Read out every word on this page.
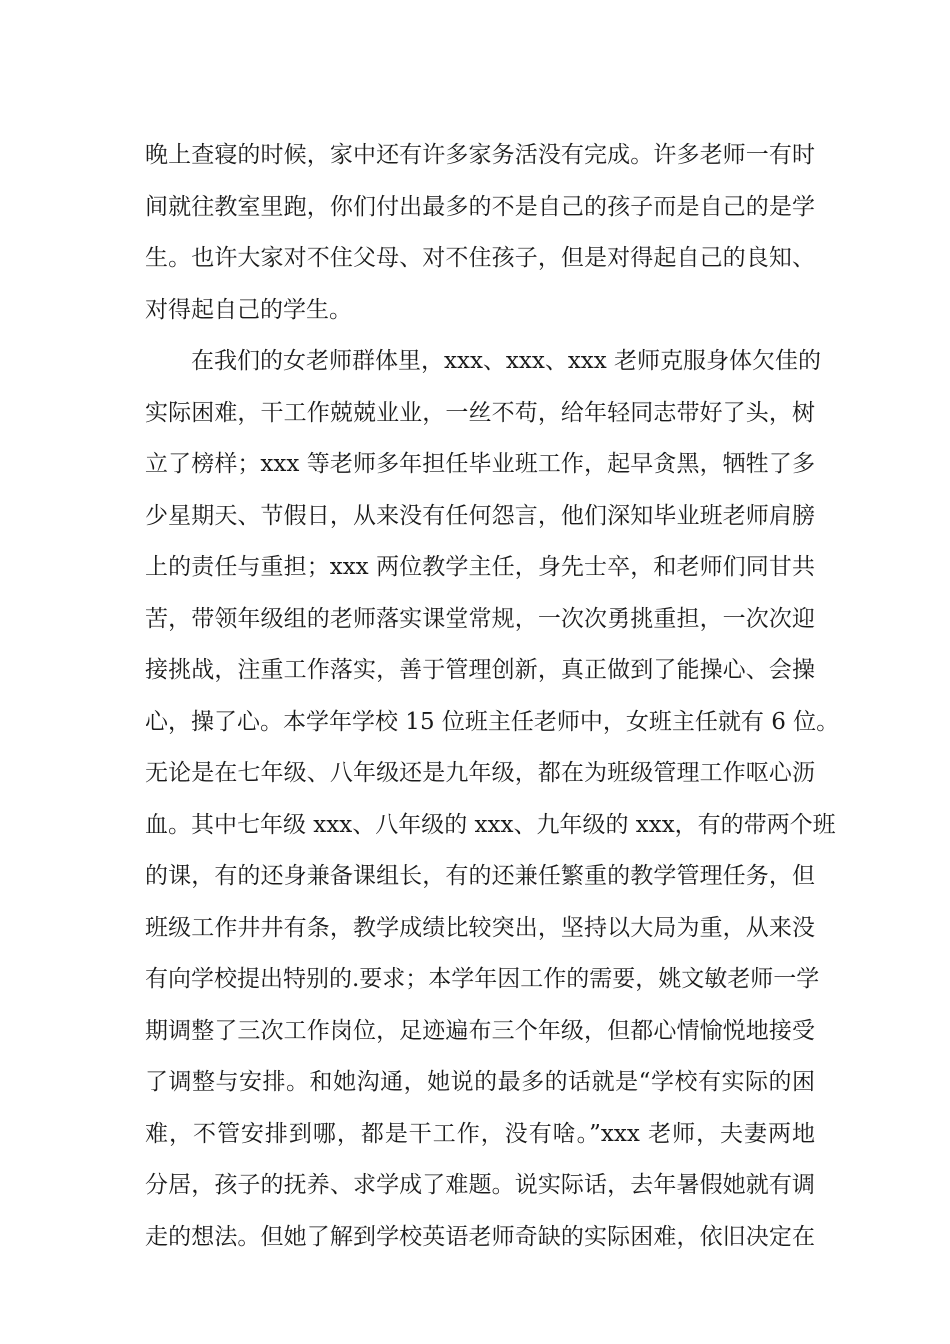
晚上查寝的时候，家中还有许多家务活没有完成。许多老师一有时
间就往教室里跑，你们付出最多的不是自己的孩子而是自己的是学
生。也许大家对不住父母、对不住孩子，但是对得起自己的良知、
对得起自己的学生。
　　在我们的女老师群体里，xxx、xxx、xxx 老师克服身体欠佳的
实际困难，干工作兢兢业业，一丝不苟，给年轻同志带好了头，树
立了榜样；xxx 等老师多年担任毕业班工作，起早贪黑，牺牲了多
少星期天、节假日，从来没有任何怨言，他们深知毕业班老师肩膀
上的责任与重担；xxx 两位教学主任，身先士卒，和老师们同甘共
苦，带领年级组的老师落实课堂常规，一次次勇挑重担，一次次迎
接挑战，注重工作落实，善于管理创新，真正做到了能操心、会操
心，操了心。本学年学校 15 位班主任老师中，女班主任就有 6 位。
无论是在七年级、八年级还是九年级，都在为班级管理工作呕心沥
血。其中七年级 xxx、八年级的 xxx、九年级的 xxx，有的带两个班
的课，有的还身兼备课组长，有的还兼任繁重的教学管理任务，但
班级工作井井有条，教学成绩比较突出，坚持以大局为重，从来没
有向学校提出特别的.要求；本学年因工作的需要，姚文敏老师一学
期调整了三次工作岗位，足迹遍布三个年级，但都心情愉悦地接受
了调整与安排。和她沟通，她说的最多的话就是“学校有实际的困
难，不管安排到哪，都是干工作，没有啥。”xxx 老师，夫妻两地
分居，孩子的抚养、求学成了难题。说实际话，去年暑假她就有调
走的想法。但她了解到学校英语老师奇缺的实际困难，依旧决定在
